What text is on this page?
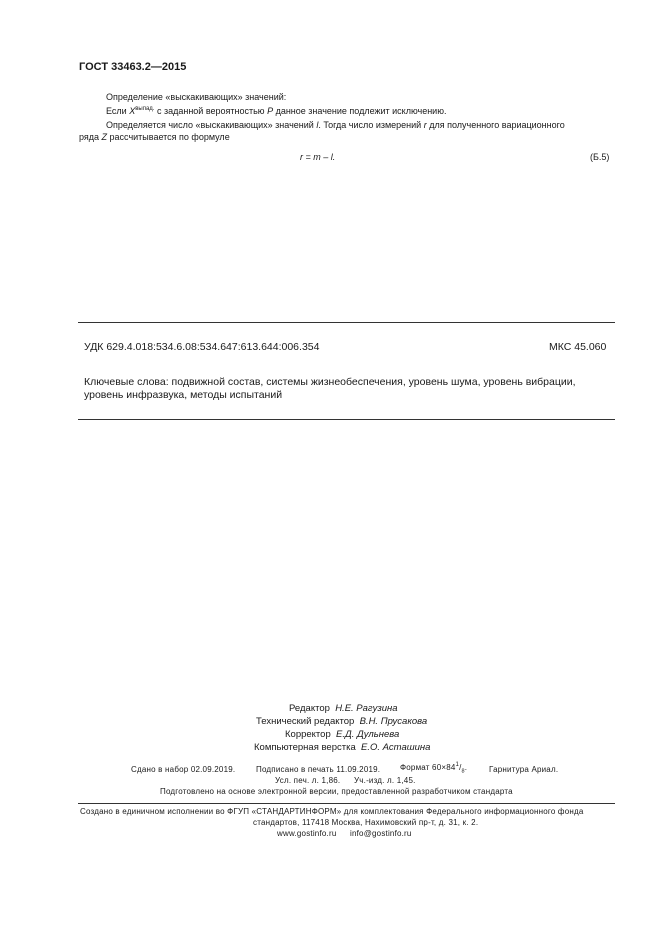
ГОСТ 33463.2—2015
Определение «выскакивающих» значений:
Если $X^{выпад.}$ с заданной вероятностью P данное значение подлежит исключению.
Определяется число «выскакивающих» значений l. Тогда число измерений r для полученного вариационного
ряда Z рассчитывается по формуле
r = m – l.	(Б.5)
УДК 629.4.018:534.6.08:534.647:613.644:006.354	МКС 45.060
Ключевые слова: подвижной состав, системы жизнеобеспечения, уровень шума, уровень вибрации,
уровень инфразвука, методы испытаний
Редактор Н.Е. Рагузина
Технический редактор В.Н. Прусакова
Корректор Е.Д. Дульнева
Компьютерная верстка Е.О. Асташина
Сдано в набор 02.09.2019.	Подписано в печать 11.09.2019. Формат $60\times 84^1/_8$.	Гарнитура Ариал.
Усл. печ. л. 1,86. Уч.-изд. л. 1,45.
Подготовлено на основе электронной версии, предоставленной разработчиком стандарта
Создано в единичном исполнении во ФГУП «СТАНДАРТИНФОРМ» для комплектования Федерального информационного фонда
стандартов, 117418 Москва, Нахимовский пр-т, д. 31, к. 2.
www.gostinfo.ru info@gostinfo.ru
